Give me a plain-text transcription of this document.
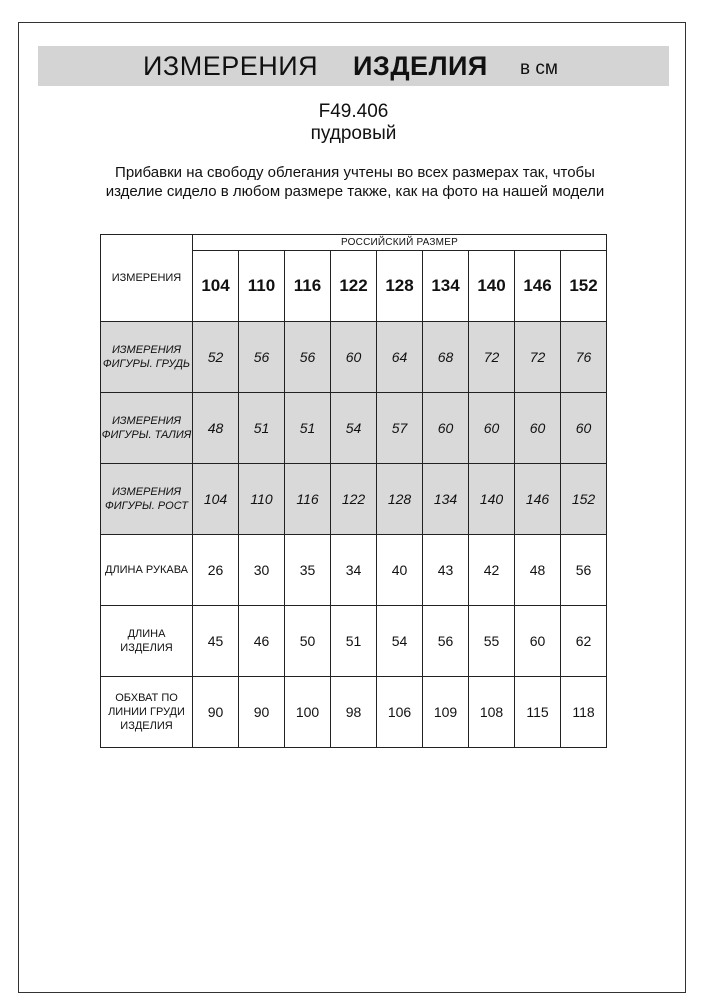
ИЗМЕРЕНИЯ ИЗДЕЛИЯ в см
F49.406
пудровый
Прибавки на свободу облегания учтены во всех размерах так, чтобы изделие сидело в любом размере также, как на фото на нашей модели
ИЗМЕРЕНИЯ	РОССИЙСКИЙ РАЗМЕР								
	104	110	116	122	128	134	140	146	152
ИЗМЕРЕНИЯ ФИГУРЫ. ГРУДЬ	52	56	56	60	64	68	72	72	76
ИЗМЕРЕНИЯ ФИГУРЫ. ТАЛИЯ	48	51	51	54	57	60	60	60	60
ИЗМЕРЕНИЯ ФИГУРЫ. РОСТ	104	110	116	122	128	134	140	146	152
ДЛИНА РУКАВА	26	30	35	34	40	43	42	48	56
ДЛИНА ИЗДЕЛИЯ	45	46	50	51	54	56	55	60	62
ОБХВАТ ПО ЛИНИИ ГРУДИ ИЗДЕЛИЯ	90	90	100	98	106	109	108	115	118
